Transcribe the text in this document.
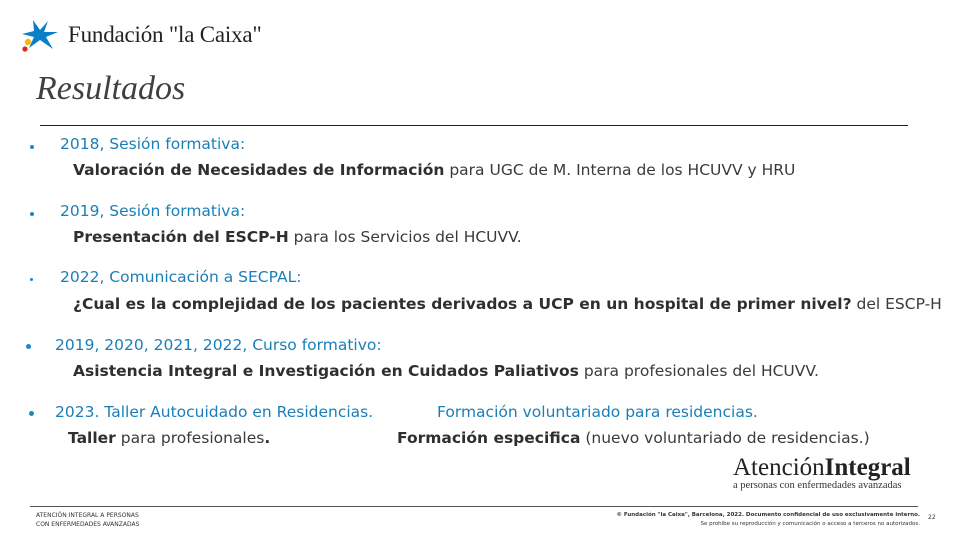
Fundación "la Caixa"
Resultados
2018, Sesión formativa:
Valoración de Necesidades de Información para UGC de M. Interna de los HCUVV y HRU
2019, Sesión formativa:
Presentación del ESCP-H para los Servicios del HCUVV.
2022, Comunicación a SECPAL:
¿Cual es la complejidad de los pacientes derivados a UCP en un hospital de primer nivel? del ESCP-H
2019, 2020, 2021, 2022, Curso formativo:
Asistencia Integral e Investigación en Cuidados Paliativos para profesionales del HCUVV.
2023. Taller Autocuidado en Residencias.	Formación voluntariado para residencias.
Taller para profesionales.	Formación especifica (nuevo voluntariado de residencias.)
AtenciónIntegral
a personas con enfermedades avanzadas
ATENCIÓN INTEGRAL A PERSONAS
CON ENFERMEDADES AVANZADAS
© Fundación "la Caixa", Barcelona, 2022. Documento confidencial de uso exclusivamente interno.
Se prohíbe su reproducción y comunicación o acceso a terceros no autorizados.
22
